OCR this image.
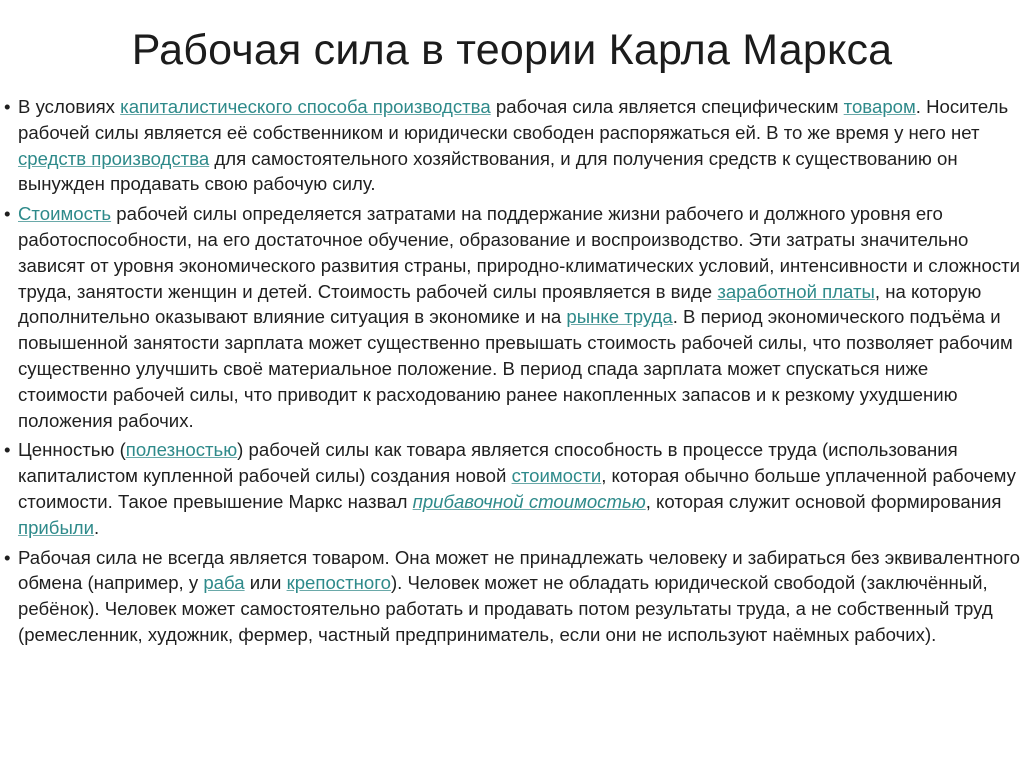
Рабочая сила в теории Карла Маркса

• В условиях капиталистического способа производства рабочая сила является специфическим товаром. Носитель рабочей силы является её собственником и юридически свободен распоряжаться ей. В то же время у него нет средств производства для самостоятельного хозяйствования, и для получения средств к существованию он вынужден продавать свою рабочую силу.

• Стоимость рабочей силы определяется затратами на поддержание жизни рабочего и должного уровня его работоспособности, на его достаточное обучение, образование и воспроизводство. Эти затраты значительно зависят от уровня экономического развития страны, природно-климатических условий, интенсивности и сложности труда, занятости женщин и детей. Стоимость рабочей силы проявляется в виде заработной платы, на которую дополнительно оказывают влияние ситуация в экономике и на рынке труда. В период экономического подъёма и повышенной занятости зарплата может существенно превышать стоимость рабочей силы, что позволяет рабочим существенно улучшить своё материальное положение. В период спада зарплата может спускаться ниже стоимости рабочей силы, что приводит к расходованию ранее накопленных запасов и к резкому ухудшению положения рабочих.

• Ценностью (полезностью) рабочей силы как товара является способность в процессе труда (использования капиталистом купленной рабочей силы) создания новой стоимости, которая обычно больше уплаченной рабочему стоимости. Такое превышение Маркс назвал прибавочной стоимостью, которая служит основой формирования прибыли.

• Рабочая сила не всегда является товаром. Она может не принадлежать человеку и забираться без эквивалентного обмена (например, у раба или крепостного). Человек может не обладать юридической свободой (заключённый, ребёнок). Человек может самостоятельно работать и продавать потом результаты труда, а не собственный труд (ремесленник, художник, фермер, частный предприниматель, если они не используют наёмных рабочих).
